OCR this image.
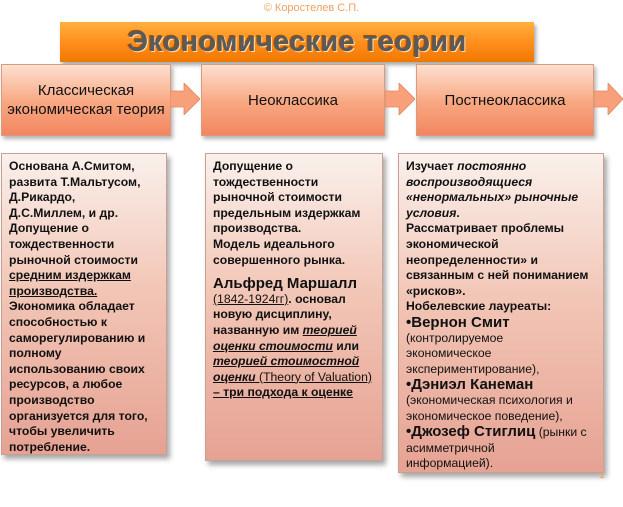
© Коростелев С.П.
Экономические теории
Классическая экономическая теория
Неоклассика	Постнеоклассика

Основана А.Смитом,

развита Т.Мальтусом,

Д.Рикардо,

Д.С.Миллем, и др.

Допущение о

тождественности

рыночной стоимости

средним издержкам

производства.

Экономика обладает

способностью к

саморегулированию и

полному

использованию своих

ресурсов, а любое

производство

организуется для того,

чтобы увеличить

потребление.

Допущение о

тождественности

рыночной стоимости

предельным издержкам

производства.

Модель идеального

совершенного рынка.

Альфред Маршалл

(1842-1924гг). основал

новую дисциплину,

названную им теорией

оценки стоимости или

теорией стоимостной

оценки (Theory of Valuation)

– три подхода к оценке

Изучает постоянно

воспроизводящиеся

«ненормальных» рыночные

условия.

Рассматривает проблемы

экономической

неопределенности» и

связанным с ней пониманием

«рисков».

Нобелевские лауреаты:

•Вернон Смит

(контролируемое

экономическое

экспериментирование),

•Дэниэл Канеман

(экономическая психология и

экономическое поведение),

•Джозеф Стиглиц (рынки с

асимметричной

информацией).

1
